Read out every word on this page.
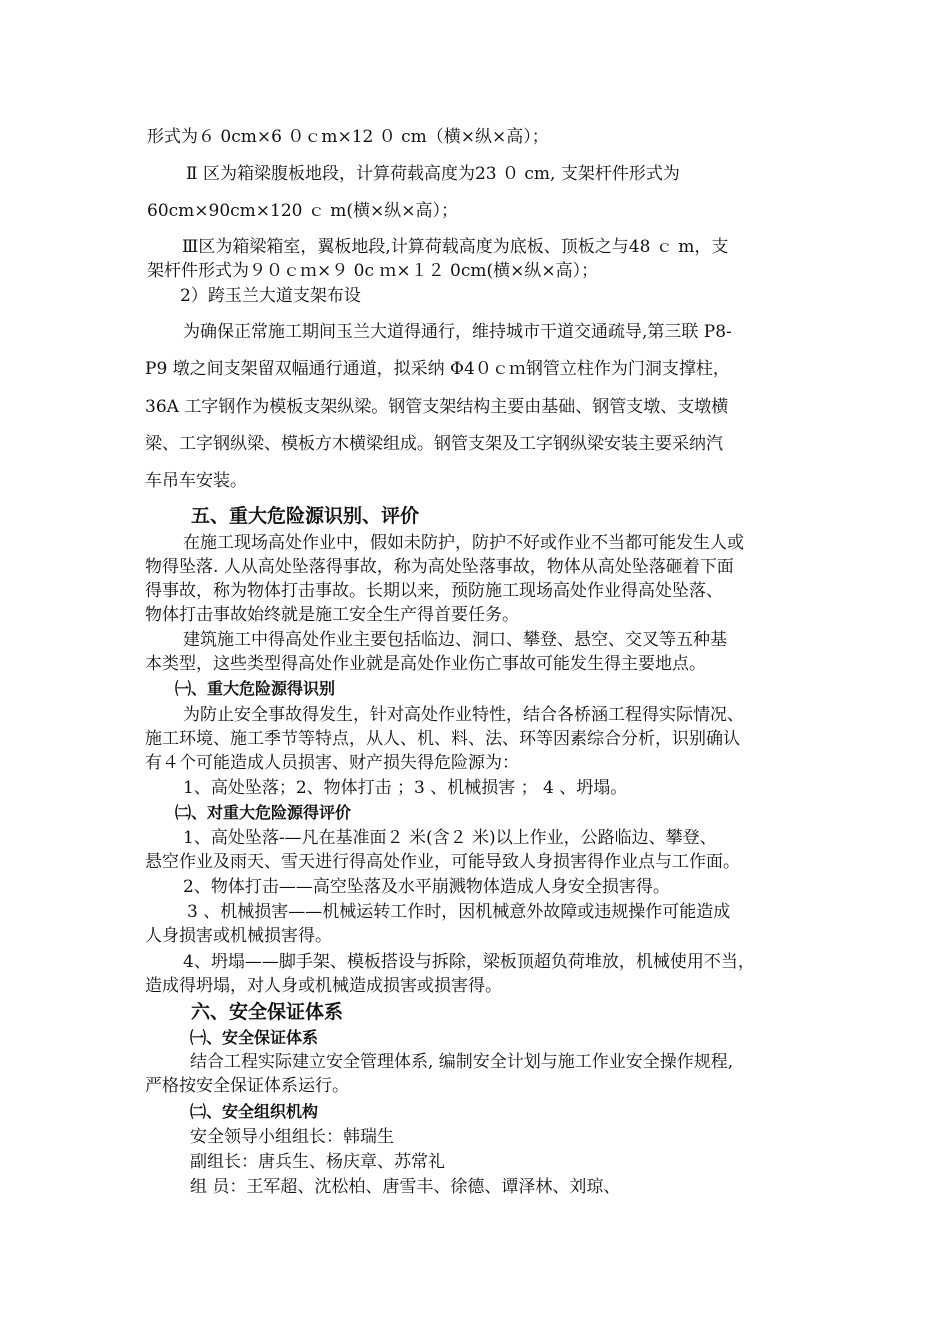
形式为６ 0cm×6 ０ｃm×12 ０ cm（横×纵×高）；

Ⅱ 区为箱梁腹板地段，计算荷载高度为23 ０ cm, 支架杆件形式为

60cm×90cm×120 ｃ m(横×纵×高）；

Ⅲ区为箱梁箱室，翼板地段,计算荷载高度为底板、顶板之与48 ｃ m，支

架杆件形式为９０ｃｍ×９ 0c ｍ×１２ 0cm(横×纵×高）；

2）跨玉兰大道支架布设

为确保正常施工期间玉兰大道得通行，维持城市干道交通疏导,第三联 P8-

P9 墩之间支架留双幅通行通道，拟采纳 Φ4０ｃｍ钢管立柱作为门洞支撑柱，

36A 工字钢作为模板支架纵梁。钢管支架结构主要由基础、钢管支墩、支墩横

梁、工字钢纵梁、模板方木横梁组成。钢管支架及工字钢纵梁安装主要采纳汽

车吊车安装。

五、重大危险源识别、评价

在施工现场高处作业中，假如未防护，防护不好或作业不当都可能发生人或

物得坠落. 人从高处坠落得事故，称为高处坠落事故，物体从高处坠落砸着下面

得事故，称为物体打击事故。长期以来，预防施工现场高处作业得高处坠落、

物体打击事故始终就是施工安全生产得首要任务。

建筑施工中得高处作业主要包括临边、洞口、攀登、悬空、交叉等五种基

本类型，这些类型得高处作业就是高处作业伤亡事故可能发生得主要地点。

㈠、重大危险源得识别

为防止安全事故得发生，针对高处作业特性，结合各桥涵工程得实际情况、

施工环境、施工季节等特点，从人、机、料、法、环等因素综合分析，识别确认

有４个可能造成人员损害、财产损失得危险源为：

1、高处坠落；2、物体打击 ；3 、机械损害 ； 4 、坍塌。

㈡、对重大危险源得评价

1、高处坠落-—凡在基准面２ 米(含２ 米)以上作业，公路临边、攀登、

悬空作业及雨天、雪天进行得高处作业，可能导致人身损害得作业点与工作面。

2、物体打击——高空坠落及水平崩溅物体造成人身安全损害得。

3 、机械损害——机械运转工作时，因机械意外故障或违规操作可能造成

人身损害或机械损害得。

4、坍塌——脚手架、模板搭设与拆除，梁板顶超负荷堆放，机械使用不当，

造成得坍塌，对人身或机械造成损害或损害得。

六、安全保证体系

㈠、安全保证体系

结合工程实际建立安全管理体系, 编制安全计划与施工作业安全操作规程,

严格按安全保证体系运行。

㈡、安全组织机构

安全领导小组组长：韩瑞生

副组长：唐兵生、杨庆章、苏常礼

组 员：王军超、沈松柏、唐雪丰、徐德、谭泽林、刘琼、
